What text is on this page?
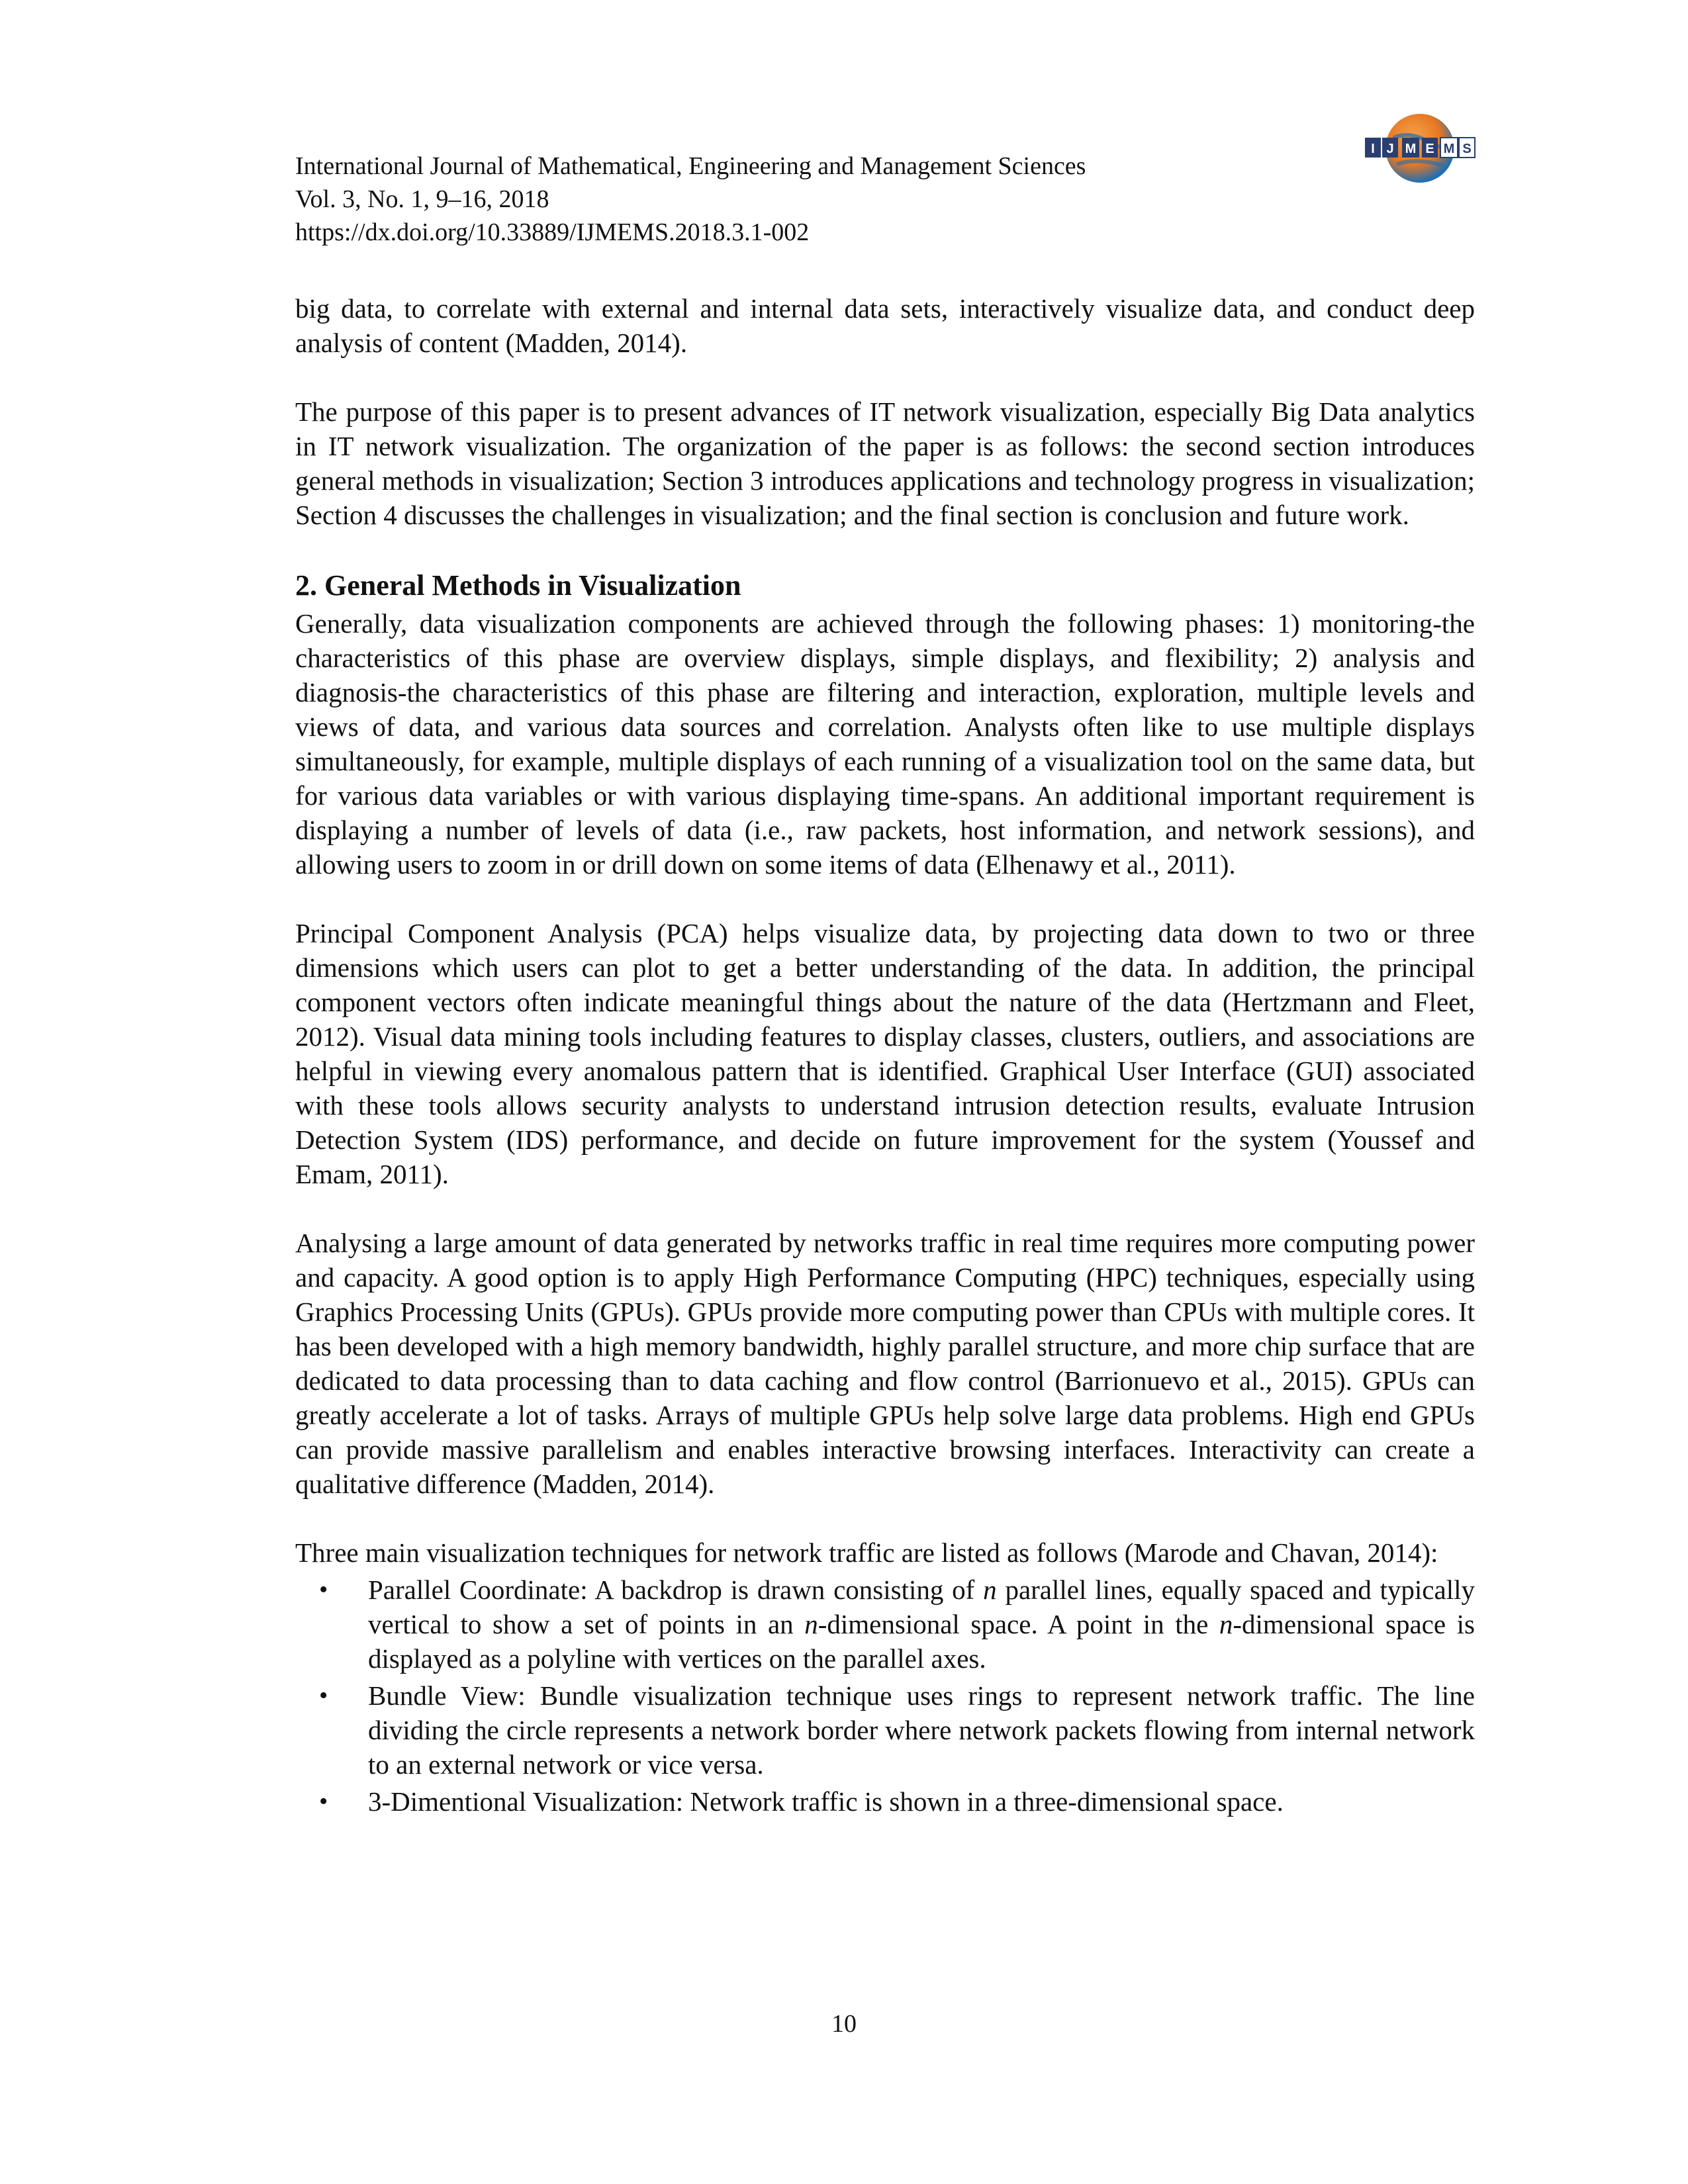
International Journal of Mathematical, Engineering and Management Sciences
Vol. 3, No. 1, 9–16, 2018
https://dx.doi.org/10.33889/IJMEMS.2018.3.1-002
I J M E M S

big data, to correlate with external and internal data sets, interactively visualize data, and conduct deep analysis of content (Madden, 2014).

The purpose of this paper is to present advances of IT network visualization, especially Big Data analytics in IT network visualization. The organization of the paper is as follows: the second section introduces general methods in visualization; Section 3 introduces applications and technology progress in visualization; Section 4 discusses the challenges in visualization; and the final section is conclusion and future work.

2. General Methods in Visualization

Generally, data visualization components are achieved through the following phases: 1) monitoring-the characteristics of this phase are overview displays, simple displays, and flexibility; 2) analysis and diagnosis-the characteristics of this phase are filtering and interaction, exploration, multiple levels and views of data, and various data sources and correlation. Analysts often like to use multiple displays simultaneously, for example, multiple displays of each running of a visualization tool on the same data, but for various data variables or with various displaying time-spans. An additional important requirement is displaying a number of levels of data (i.e., raw packets, host information, and network sessions), and allowing users to zoom in or drill down on some items of data (Elhenawy et al., 2011).

Principal Component Analysis (PCA) helps visualize data, by projecting data down to two or three dimensions which users can plot to get a better understanding of the data. In addition, the principal component vectors often indicate meaningful things about the nature of the data (Hertzmann and Fleet, 2012). Visual data mining tools including features to display classes, clusters, outliers, and associations are helpful in viewing every anomalous pattern that is identified. Graphical User Interface (GUI) associated with these tools allows security analysts to understand intrusion detection results, evaluate Intrusion Detection System (IDS) performance, and decide on future improvement for the system (Youssef and Emam, 2011).

Analysing a large amount of data generated by networks traffic in real time requires more computing power and capacity. A good option is to apply High Performance Computing (HPC) techniques, especially using Graphics Processing Units (GPUs). GPUs provide more computing power than CPUs with multiple cores. It has been developed with a high memory bandwidth, highly parallel structure, and more chip surface that are dedicated to data processing than to data caching and flow control (Barrionuevo et al., 2015). GPUs can greatly accelerate a lot of tasks. Arrays of multiple GPUs help solve large data problems. High end GPUs can provide massive parallelism and enables interactive browsing interfaces. Interactivity can create a qualitative difference (Madden, 2014).

Three main visualization techniques for network traffic are listed as follows (Marode and Chavan, 2014):

• Parallel Coordinate: A backdrop is drawn consisting of n parallel lines, equally spaced and typically vertical to show a set of points in an n-dimensional space. A point in the n-dimensional space is displayed as a polyline with vertices on the parallel axes.
• Bundle View: Bundle visualization technique uses rings to represent network traffic. The line dividing the circle represents a network border where network packets flowing from internal network to an external network or vice versa.
• 3-Dimentional Visualization: Network traffic is shown in a three-dimensional space.
10
